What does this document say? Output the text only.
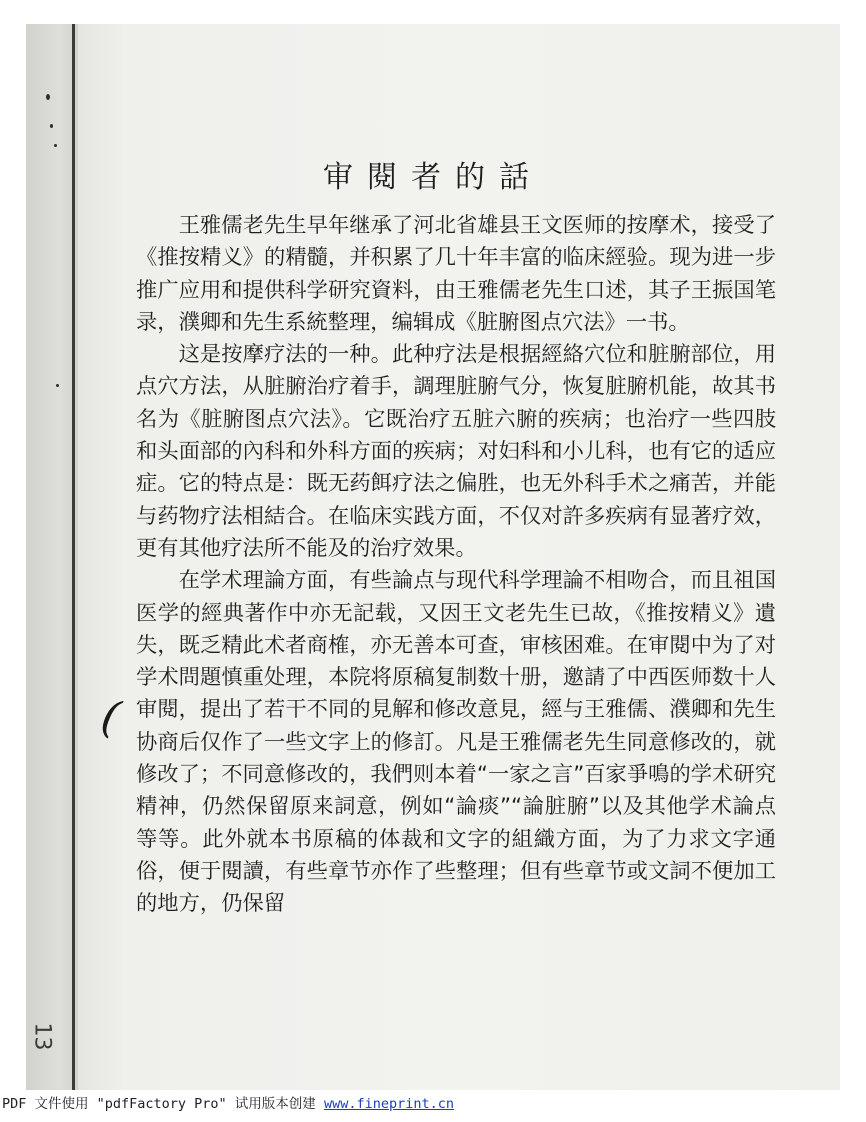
13
审閱者的話
(

王雅儒老先生早年继承了河北省雄县王文医师的按摩术，接受了《推按精义》的精髓，并积累了几十年丰富的临床經验。现为进一步推广应用和提供科学研究資料，由王雅儒老先生口述，其子王振国笔录，濮卿和先生系統整理，编辑成《脏腑图点穴法》一书。

这是按摩疗法的一种。此种疗法是根据經絡穴位和脏腑部位，用点穴方法，从脏腑治疗着手，調理脏腑气分，恢复脏腑机能，故其书名为《脏腑图点穴法》。它既治疗五脏六腑的疾病；也治疗一些四肢和头面部的內科和外科方面的疾病；对妇科和小儿科，也有它的适应症。它的特点是：既无药餌疗法之偏胜，也无外科手术之痛苦，并能与药物疗法相結合。在临床实践方面，不仅对許多疾病有显著疗效，更有其他疗法所不能及的治疗效果。

在学术理論方面，有些論点与现代科学理論不相吻合，而且祖国医学的經典著作中亦无記载，又因王文老先生已故，《推按精义》遺失，既乏精此术者商榷，亦无善本可查，审核困难。在审閱中为了对学术問題慎重处理，本院将原稿复制数十册，邀請了中西医师数十人审閱，提出了若干不同的見解和修改意見，經与王雅儒、濮卿和先生协商后仅作了一些文字上的修訂。凡是王雅儒老先生同意修改的，就修改了；不同意修改的，我們则本着“一家之言”百家爭鳴的学术研究精神，仍然保留原来詞意，例如“論痰”“論脏腑”以及其他学术論点等等。此外就本书原稿的体裁和文字的組織方面，为了力求文字通俗，便于閱讀，有些章节亦作了些整理；但有些章节或文詞不便加工的地方，仍保留

PDF 文件使用 "pdfFactory Pro" 试用版本创建 www.fineprint.cn
